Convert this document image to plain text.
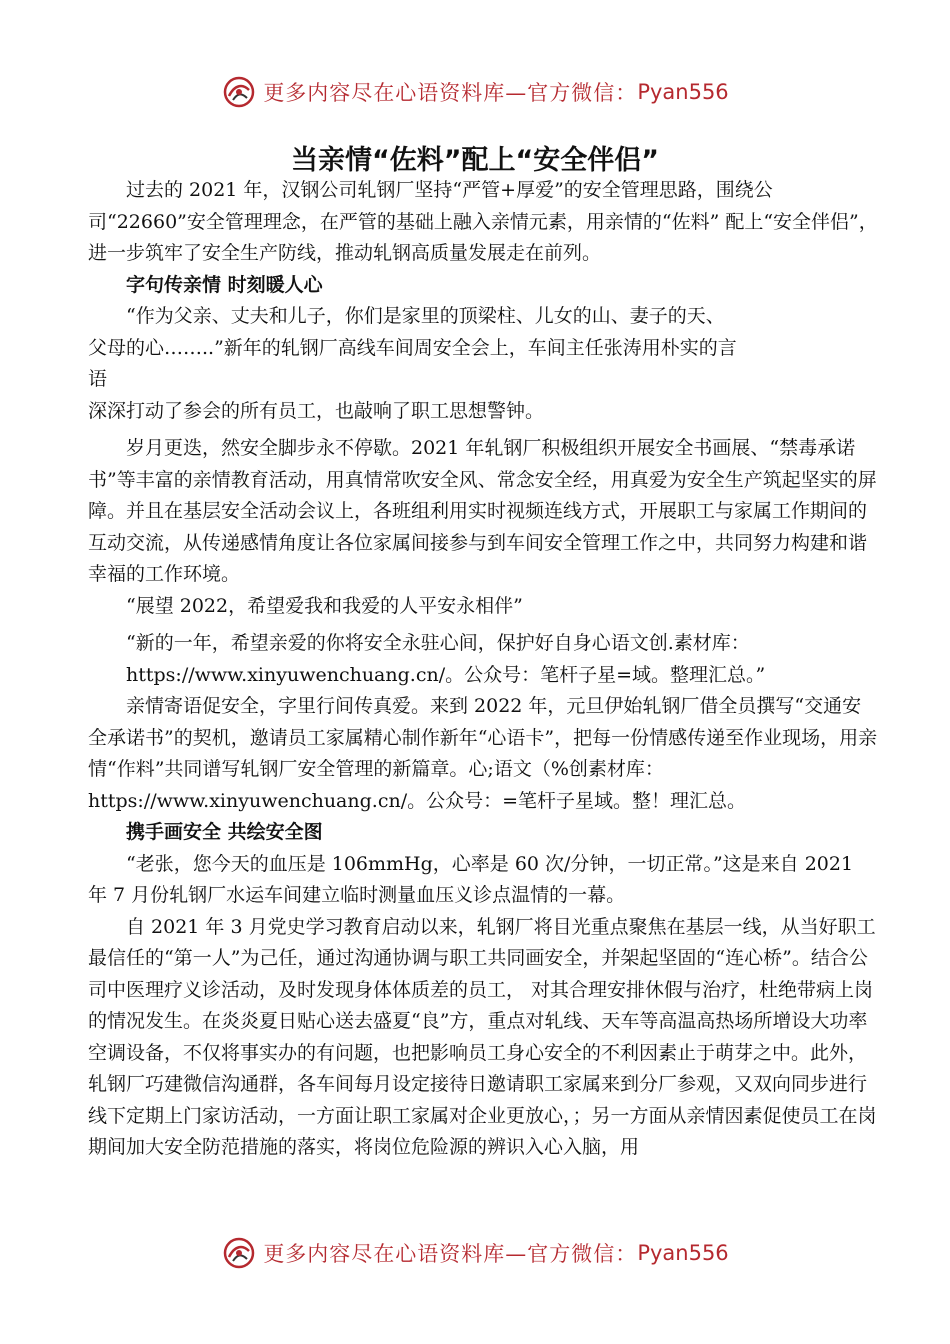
更多内容尽在心语资料库—官方微信： Pyan556
当亲情“佐料”配上“安全伴侣”

过去的 2021 年，汉钢公司轧钢厂坚持“严管+厚爱”的安全管理思路，围绕公司“22660”安全管理理念，在严管的基础上融入亲情元素，用亲情的“佐料” 配上“安全伴侣”，进一步筑牢了安全生产防线，推动轧钢高质量发展走在前列。

字句传亲情 时刻暖人心

“作为父亲、丈夫和儿子，你们是家里的顶梁柱、儿女的山、妻子的天、

父母的心……..”新年的轧钢厂高线车间周安全会上，车间主任张涛用朴实的言

语

深深打动了参会的所有员工，也敲响了职工思想警钟。

岁月更迭，然安全脚步永不停歇。2021 年轧钢厂积极组织开展安全书画展、“禁毒承诺书”等丰富的亲情教育活动，用真情常吹安全风、常念安全经，用真爱为安全生产筑起坚实的屏障。并且在基层安全活动会议上，各班组利用实时视频连线方式，开展职工与家属工作期间的互动交流，从传递感情角度让各位家属间接参与到车间安全管理工作之中，共同努力构建和谐幸福的工作环境。

“展望 2022，希望爱我和我爱的人平安永相伴”

“新的一年，希望亲爱的你将安全永驻心间，保护好自身心语文创.素材库：

https://www.xinyuwenchuang.cn/。公众号：笔杆子星=域。整理汇总。”

亲情寄语促安全，字里行间传真爱。来到 2022 年，元旦伊始轧钢厂借全员撰写“交通安全承诺书”的契机，邀请员工家属精心制作新年“心语卡”，把每一份情感传递至作业现场，用亲情“作料”共同谱写轧钢厂安全管理的新篇章。心;语文（%创素材库：https://www.xinyuwenchuang.cn/。公众号：=笔杆子星域。整！理汇总。

携手画安全 共绘安全图

“老张，您今天的血压是 106mmHg，心率是 60 次/分钟，一切正常。”这是来自 2021 年 7 月份轧钢厂水运车间建立临时测量血压义诊点温情的一幕。

自 2021 年 3 月党史学习教育启动以来，轧钢厂将目光重点聚焦在基层一线，从当好职工最信任的“第一人”为己任，通过沟通协调与职工共同画安全，并架起坚固的“连心桥”。结合公司中医理疗义诊活动，及时发现身体体质差的员工， 对其合理安排休假与治疗，杜绝带病上岗的情况发生。在炎炎夏日贴心送去盛夏“良”方，重点对轧线、天车等高温高热场所增设大功率空调设备，不仅将事实办的有问题，也把影响员工身心安全的不利因素止于萌芽之中。此外，轧钢厂巧建微信沟通群，各车间每月设定接待日邀请职工家属来到分厂参观，又双向同步进行线下定期上门家访活动，一方面让职工家属对企业更放心，；另一方面从亲情因素促使员工在岗期间加大安全防范措施的落实，将岗位危险源的辨识入心入脑，用

更多内容尽在心语资料库—官方微信： Pyan556
